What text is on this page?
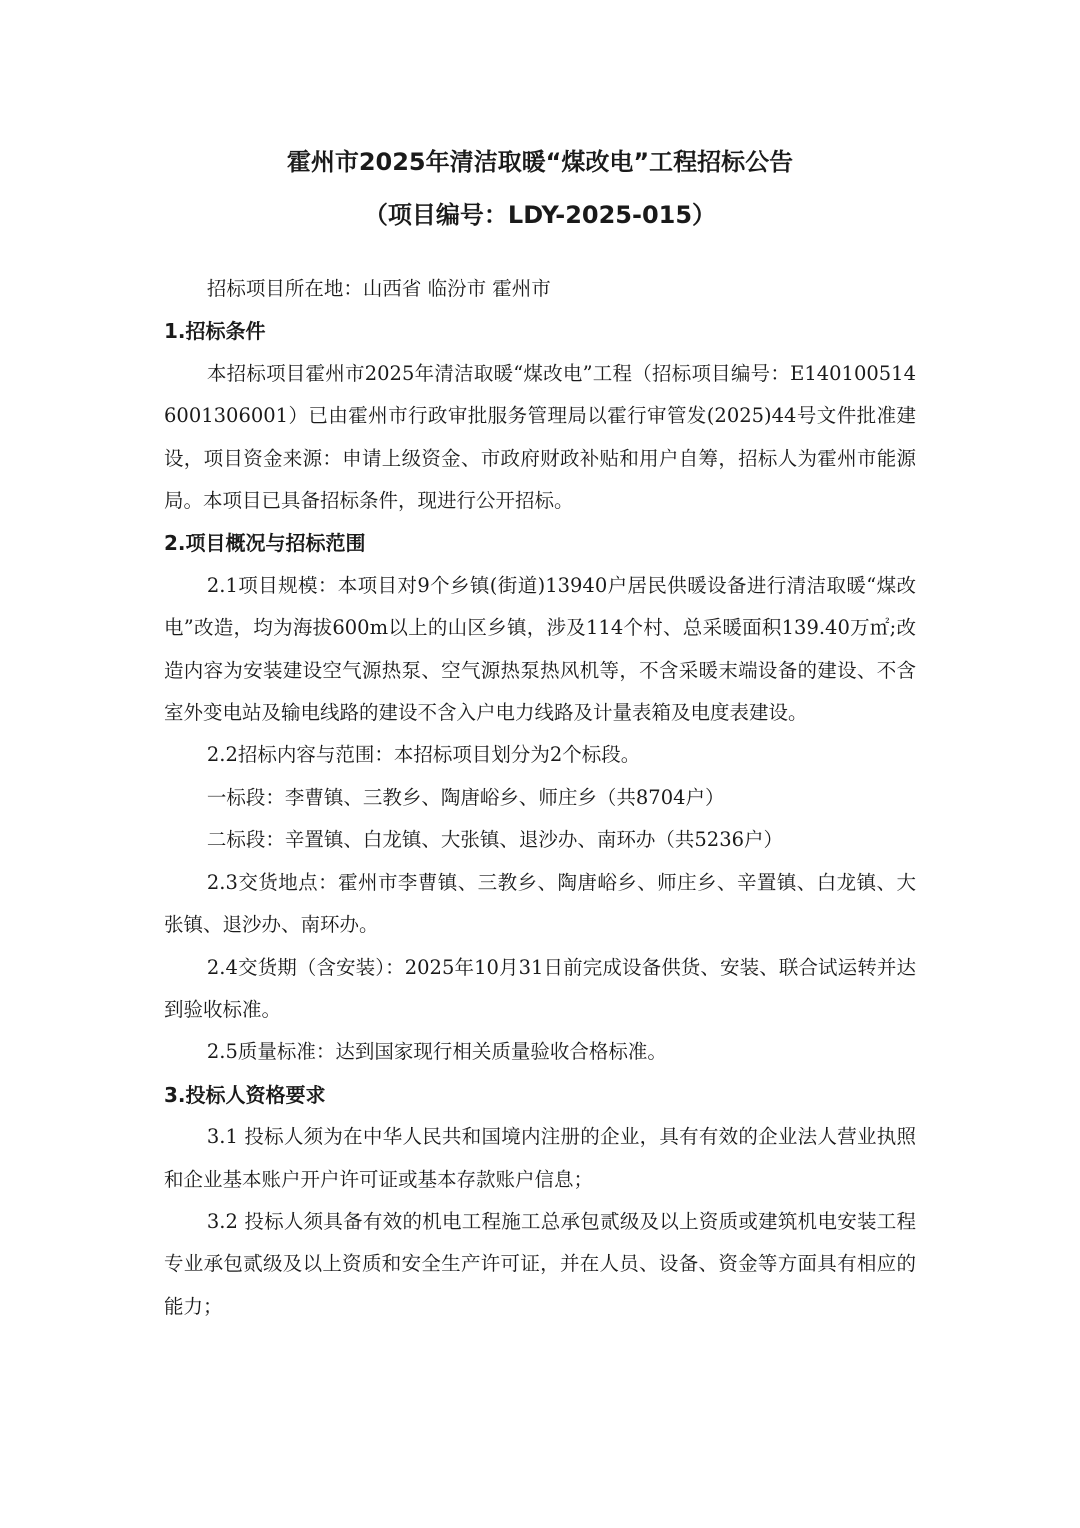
霍州市2025年清洁取暖“煤改电”工程招标公告
（项目编号：LDY-2025-015）

招标项目所在地：山西省 临汾市 霍州市

1.招标条件

本招标项目霍州市2025年清洁取暖“煤改电”工程（招标项目编号：E1401005146001306001）已由霍州市行政审批服务管理局以霍行审管发(2025)44号文件批准建设，项目资金来源：申请上级资金、市政府财政补贴和用户自筹，招标人为霍州市能源局。本项目已具备招标条件，现进行公开招标。

2.项目概况与招标范围

2.1项目规模：本项目对9个乡镇(街道)13940户居民供暖设备进行清洁取暖“煤改电”改造，均为海拔600m以上的山区乡镇，涉及114个村、总采暖面积139.40万㎡;改造内容为安装建设空气源热泵、空气源热泵热风机等，不含采暖末端设备的建设、不含室外变电站及输电线路的建设不含入户电力线路及计量表箱及电度表建设。

2.2招标内容与范围：本招标项目划分为2个标段。

一标段：李曹镇、三教乡、陶唐峪乡、师庄乡（共8704户）

二标段：辛置镇、白龙镇、大张镇、退沙办、南环办（共5236户）

2.3交货地点：霍州市李曹镇、三教乡、陶唐峪乡、师庄乡、辛置镇、白龙镇、大张镇、退沙办、南环办。

2.4交货期（含安装）：2025年10月31日前完成设备供货、安装、联合试运转并达到验收标准。

2.5质量标准：达到国家现行相关质量验收合格标准。

3.投标人资格要求

3.1 投标人须为在中华人民共和国境内注册的企业，具有有效的企业法人营业执照和企业基本账户开户许可证或基本存款账户信息；

3.2 投标人须具备有效的机电工程施工总承包贰级及以上资质或建筑机电安装工程专业承包贰级及以上资质和安全生产许可证，并在人员、设备、资金等方面具有相应的能力；
